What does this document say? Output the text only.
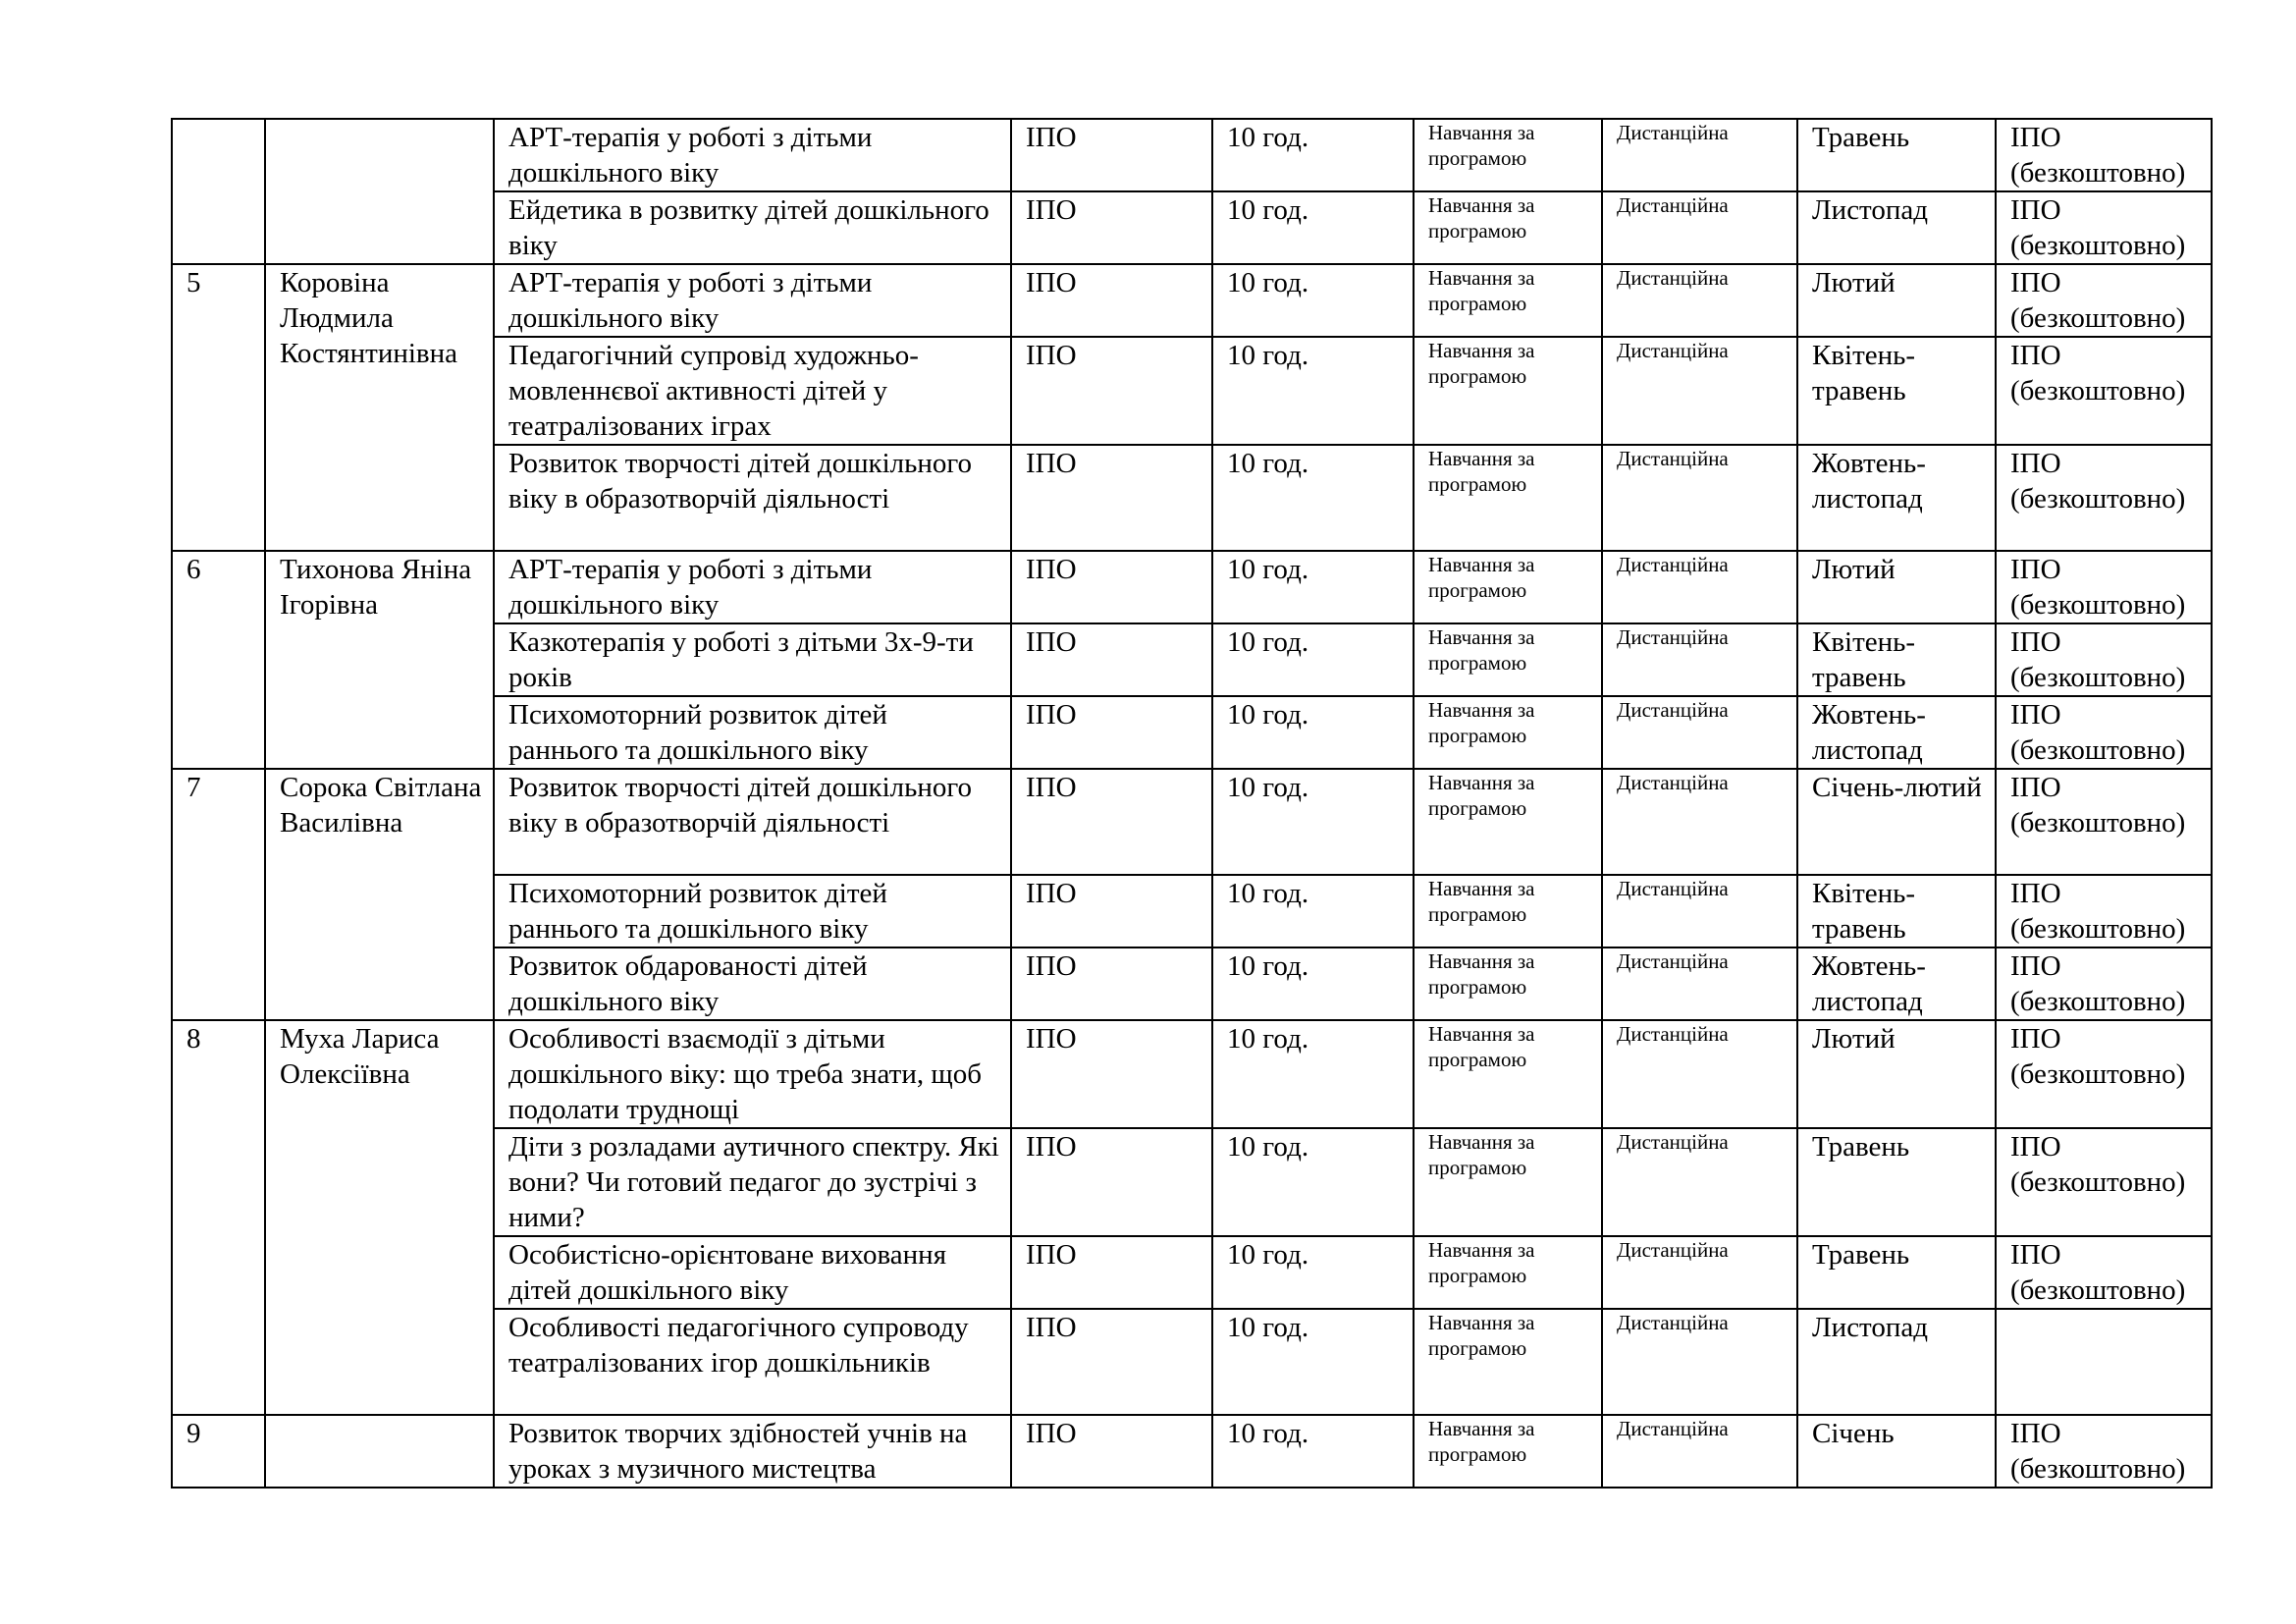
		АРТ-терапія у роботі з дітьми дошкільного віку	ІПО	10 год.	Навчання за програмою	Дистанційна	Травень	ІПО
(безкоштовно)

		Ейдетика в розвитку дітей дошкільного віку	ІПО	10 год.	Навчання за програмою	Дистанційна	Листопад	ІПО
(безкоштовно)

5	Коровіна Людмила Костянтинівна	АРТ-терапія у роботі з дітьми дошкільного віку	ІПО	10 год.	Навчання за програмою	Дистанційна	Лютий	ІПО
(безкоштовно)

		Педагогічний супровід художньо-мовленнєвої активності дітей у театралізованих іграх	ІПО	10 год.	Навчання за програмою	Дистанційна	Квітень-травень	ІПО
(безкоштовно)

		Розвиток творчості дітей дошкільного віку в образотворчій діяльності	ІПО	10 год.	Навчання за програмою	Дистанційна	Жовтень-листопад	ІПО
(безкоштовно)

6	Тихонова Яніна Ігорівна	АРТ-терапія у роботі з дітьми дошкільного віку	ІПО	10 год.	Навчання за програмою	Дистанційна	Лютий	ІПО
(безкоштовно)

		Казкотерапія у роботі з дітьми 3х-9-ти років	ІПО	10 год.	Навчання за програмою	Дистанційна	Квітень-травень	ІПО
(безкоштовно)

		Психомоторний розвиток дітей раннього та дошкільного віку	ІПО	10 год.	Навчання за програмою	Дистанційна	Жовтень-листопад	ІПО
(безкоштовно)

7	Сорока Світлана Василівна	Розвиток творчості дітей дошкільного віку в образотворчій діяльності	ІПО	10 год.	Навчання за програмою	Дистанційна	Січень-лютий	ІПО
(безкоштовно)

		Психомоторний розвиток дітей раннього та дошкільного віку	ІПО	10 год.	Навчання за програмою	Дистанційна	Квітень-травень	ІПО
(безкоштовно)

		Розвиток обдарованості дітей дошкільного віку	ІПО	10 год.	Навчання за програмою	Дистанційна	Жовтень-листопад	ІПО
(безкоштовно)

8	Муха Лариса Олексіївна	Особливості взаємодії з дітьми дошкільного віку: що треба знати, щоб подолати труднощі	ІПО	10 год.	Навчання за програмою	Дистанційна	Лютий	ІПО
(безкоштовно)

		Діти з розладами аутичного спектру. Які вони? Чи готовий педагог до зустрічі з ними?	ІПО	10 год.	Навчання за програмою	Дистанційна	Травень	ІПО
(безкоштовно)

		Особистісно-орієнтоване виховання дітей дошкільного віку	ІПО	10 год.	Навчання за програмою	Дистанційна	Травень	ІПО
(безкоштовно)

		Особливості педагогічного супроводу театралізованих ігор дошкільників	ІПО	10 год.	Навчання за програмою	Дистанційна	Листопад	

9		Розвиток творчих здібностей учнів на уроках з музичного мистецтва	ІПО	10 год.	Навчання за програмою	Дистанційна	Січень	ІПО
(безкоштовно)
